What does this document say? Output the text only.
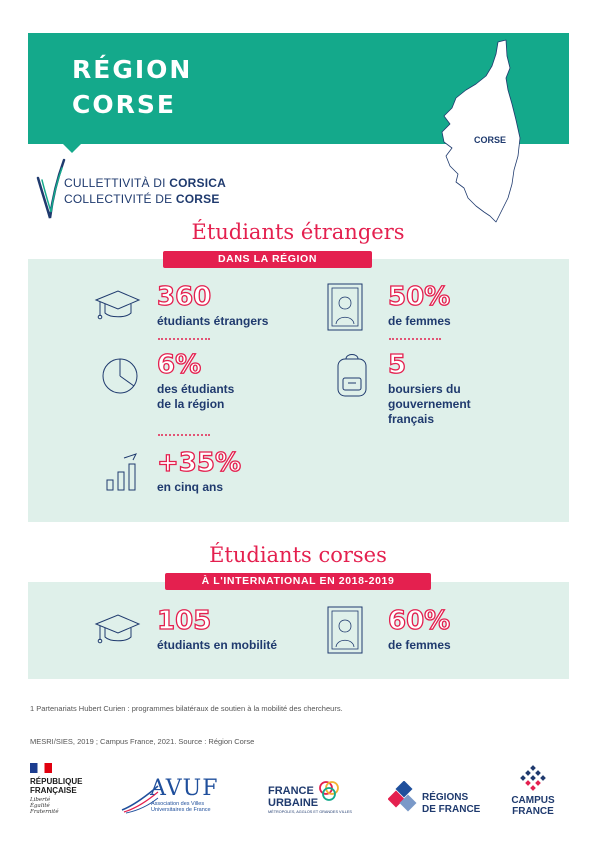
RÉGION
CORSE
CORSE
CULLETTIVITÀ DI CORSICA
COLLECTIVITÉ DE CORSE
Étudiants étrangers
DANS LA RÉGION
360
étudiants étrangers
50%
de femmes
6%
des étudiants
de la région
5
boursiers du
gouvernement
français
+35%
en cinq ans
Étudiants corses
À L'INTERNATIONAL EN 2018-2019
105
étudiants en mobilité
60%
de femmes
1 Partenariats Hubert Curien : programmes bilatéraux de soutien à la mobilité des chercheurs.
MESRI/SIES, 2019 ; Campus France, 2021. Source : Région Corse
RÉPUBLIQUE
FRANÇAISE
Liberté
Égalité
Fraternité
AVUF
Association des Villes
Universitaires de France
FRANCE
URBAINE
MÉTROPOLES, AGGLOS ET GRANDES VILLES
RÉGIONS
DE FRANCE
CAMPUS
FRANCE
